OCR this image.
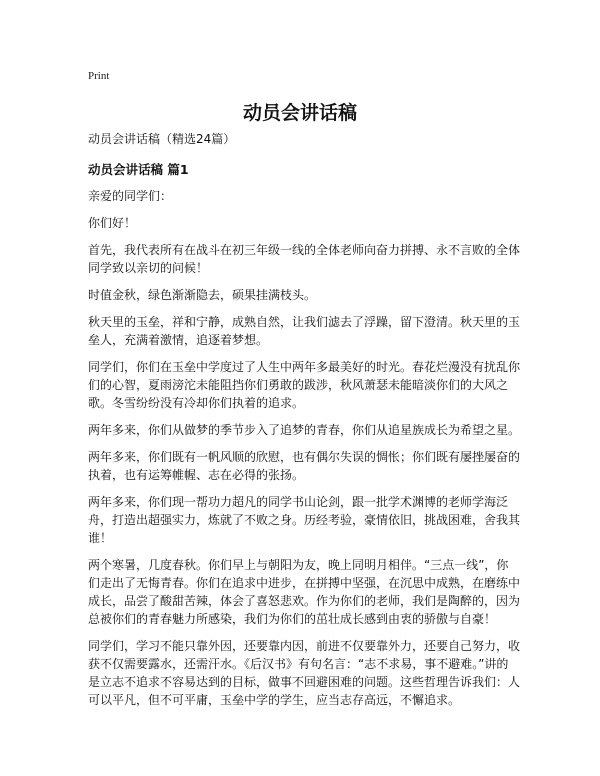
Print
动员会讲话稿
动员会讲话稿（精选24篇）
动员会讲话稿 篇1

亲爱的同学们：

你们好！

首先，我代表所有在战斗在初三年级一线的全体老师向奋力拼搏、永不言败的全体同学致以亲切的问候！

时值金秋，绿色渐渐隐去，硕果挂满枝头。

秋天里的玉垒，祥和宁静，成熟自然，让我们滤去了浮躁，留下澄清。秋天里的玉垒人，充满着激情，追逐着梦想。

同学们，你们在玉垒中学度过了人生中两年多最美好的时光。春花烂漫没有扰乱你们的心智，夏雨滂沱未能阻挡你们勇敢的跋涉，秋风萧瑟未能暗淡你们的大风之歌。冬雪纷纷没有冷却你们执着的追求。

两年多来，你们从做梦的季节步入了追梦的青春，你们从追星族成长为希望之星。

两年多来，你们既有一帆风顺的欣慰，也有偶尔失误的惆怅；你们既有屡挫屡奋的执着，也有运筹帷幄、志在必得的张扬。

两年多来，你们现一帮功力超凡的同学书山论剑，跟一批学术渊博的老师学海泛舟，打造出超强实力，炼就了不败之身。历经考验，豪情依旧，挑战困难，舍我其谁！

两个寒暑，几度春秋。你们早上与朝阳为友，晚上同明月相伴。“三点一线”，你们走出了无悔青春。你们在追求中进步，在拼搏中坚强，在沉思中成熟，在磨练中成长，品尝了酸甜苦辣，体会了喜怒悲欢。作为你们的老师，我们是陶醉的，因为总被你们的青春魅力所感染，我们为你们的茁壮成长感到由衷的骄傲与自豪！

同学们，学习不能只靠外因，还要靠内因，前进不仅要靠外力，还要自己努力，收获不仅需要露水，还需汗水。《后汉书》有句名言：“志不求易，事不避难。”讲的是立志不追求不容易达到的目标，做事不回避困难的问题。这些哲理告诉我们：人可以平凡，但不可平庸，玉垒中学的学生，应当志存高远，不懈追求。
